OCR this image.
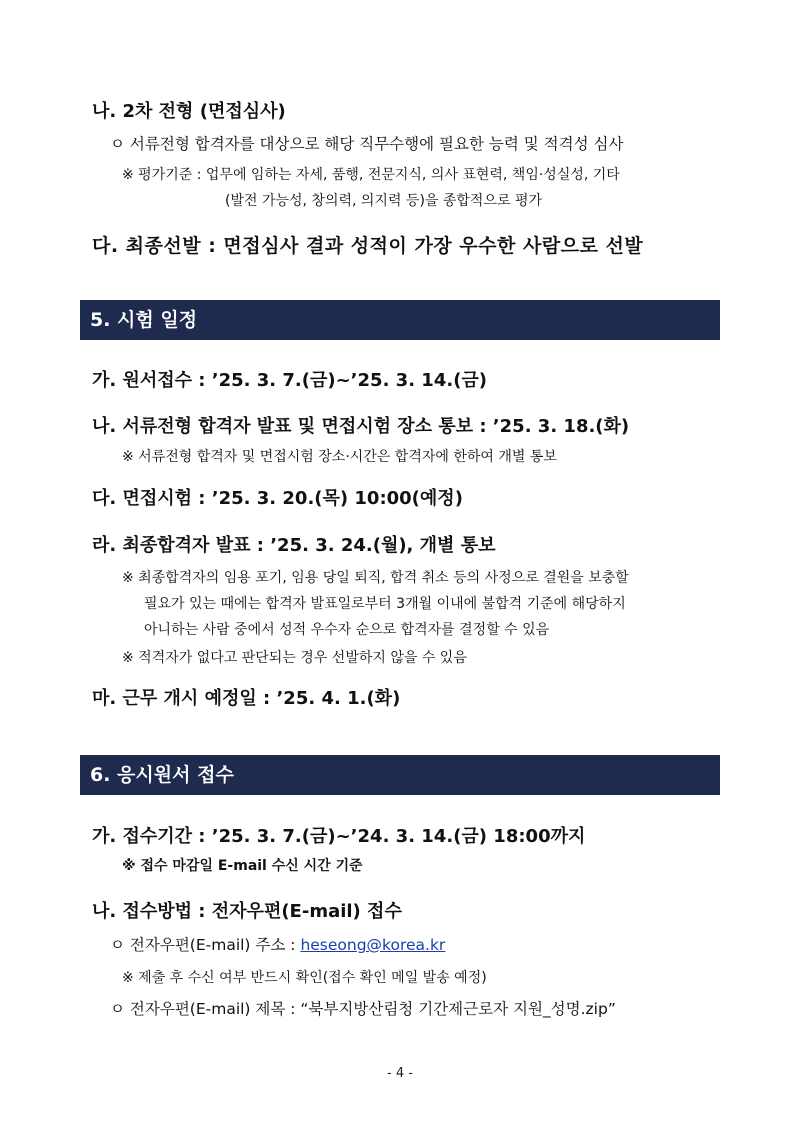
나. 2차 전형 (면접심사)
ㅇ 서류전형 합격자를 대상으로 해당 직무수행에 필요한 능력 및 적격성 심사
※ 평가기준 : 업무에 임하는 자세, 품행, 전문지식, 의사 표현력, 책임·성실성, 기타
(발전 가능성, 창의력, 의지력 등)을 종합적으로 평가
다. 최종선발 : 면접심사 결과 성적이 가장 우수한 사람으로 선발
5. 시험 일정
가. 원서접수 : ’25. 3. 7.(금)~’25. 3. 14.(금)
나. 서류전형 합격자 발표 및 면접시험 장소 통보 : ’25. 3. 18.(화)
※ 서류전형 합격자 및 면접시험 장소·시간은 합격자에 한하여 개별 통보
다. 면접시험 : ’25. 3. 20.(목) 10:00(예정)
라. 최종합격자 발표 : ’25. 3. 24.(월), 개별 통보
※ 최종합격자의 임용 포기, 임용 당일 퇴직, 합격 취소 등의 사정으로 결원을 보충할
필요가 있는 때에는 합격자 발표일로부터 3개월 이내에 불합격 기준에 해당하지
아니하는 사람 중에서 성적 우수자 순으로 합격자를 결정할 수 있음
※ 적격자가 없다고 판단되는 경우 선발하지 않을 수 있음
마. 근무 개시 예정일 : ’25. 4. 1.(화)
6. 응시원서 접수
가. 접수기간 : ’25. 3. 7.(금)~’24. 3. 14.(금) 18:00까지
※ 접수 마감일 E-mail 수신 시간 기준
나. 접수방법 : 전자우편(E-mail) 접수
ㅇ 전자우편(E-mail) 주소 : heseong@korea.kr
※ 제출 후 수신 여부 반드시 확인(접수 확인 메일 발송 예정)
ㅇ 전자우편(E-mail) 제목 : “북부지방산림청 기간제근로자 지원_성명.zip”
- 4 -
